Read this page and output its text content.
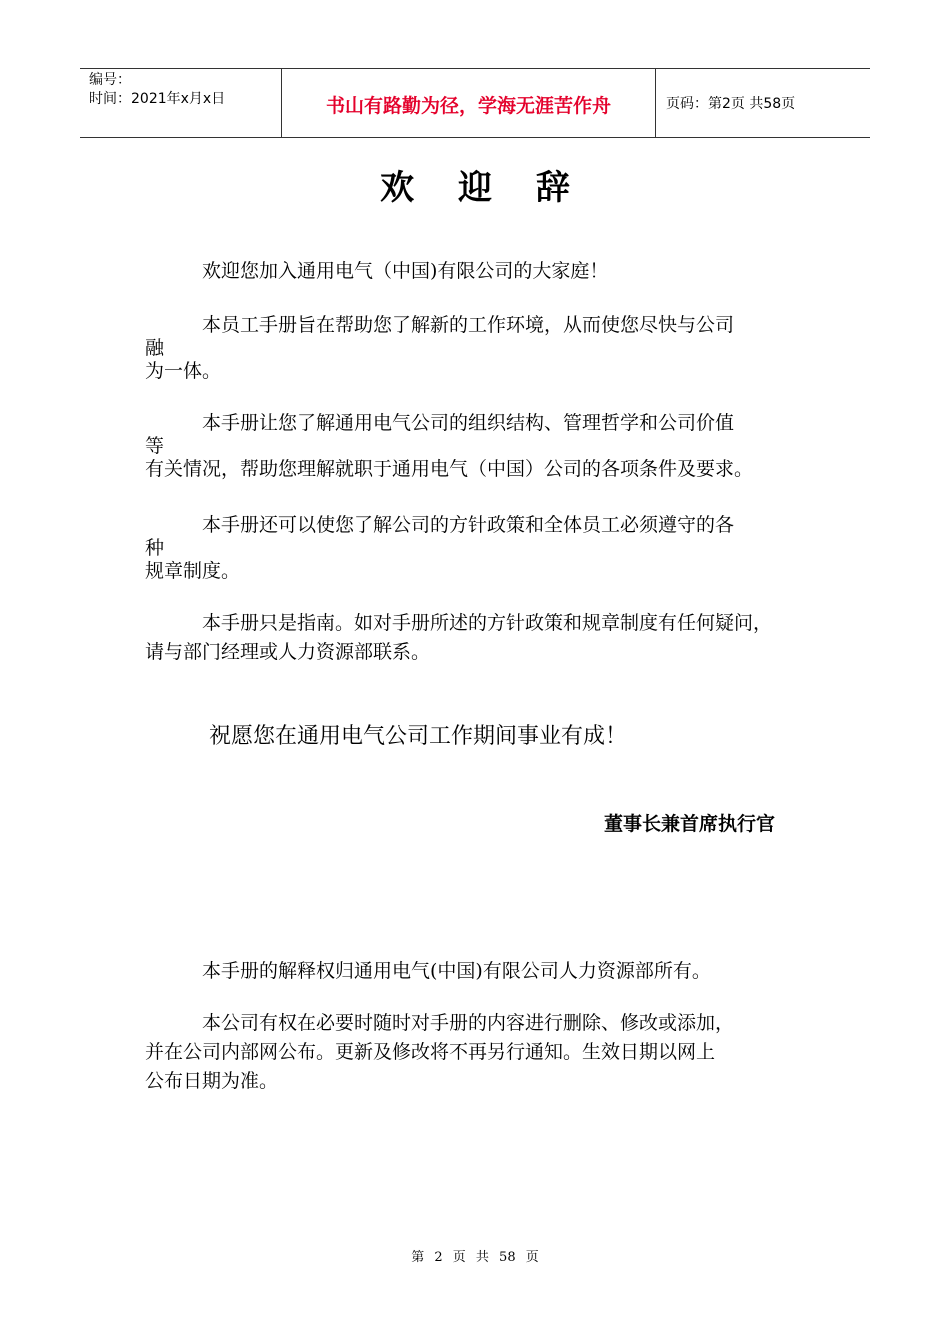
编号：
时间：2021年x月x日	书山有路勤为径，学海无涯苦作舟	页码：第2页 共58页
欢 迎 辞
欢迎您加入通用电气（中国)有限公司的大家庭！
本员工手册旨在帮助您了解新的工作环境，从而使您尽快与公司
融
为一体。
本手册让您了解通用电气公司的组织结构、管理哲学和公司价值
等
有关情况，帮助您理解就职于通用电气（中国）公司的各项条件及要求。
本手册还可以使您了解公司的方针政策和全体员工必须遵守的各
种
规章制度。
本手册只是指南。如对手册所述的方针政策和规章制度有任何疑问，
请与部门经理或人力资源部联系。
祝愿您在通用电气公司工作期间事业有成！
董事长兼首席执行官
本手册的解释权归通用电气(中国)有限公司人力资源部所有。
本公司有权在必要时随时对手册的内容进行删除、修改或添加，
并在公司内部网公布。更新及修改将不再另行通知。生效日期以网上
公布日期为准。
第 2 页 共 58 页
